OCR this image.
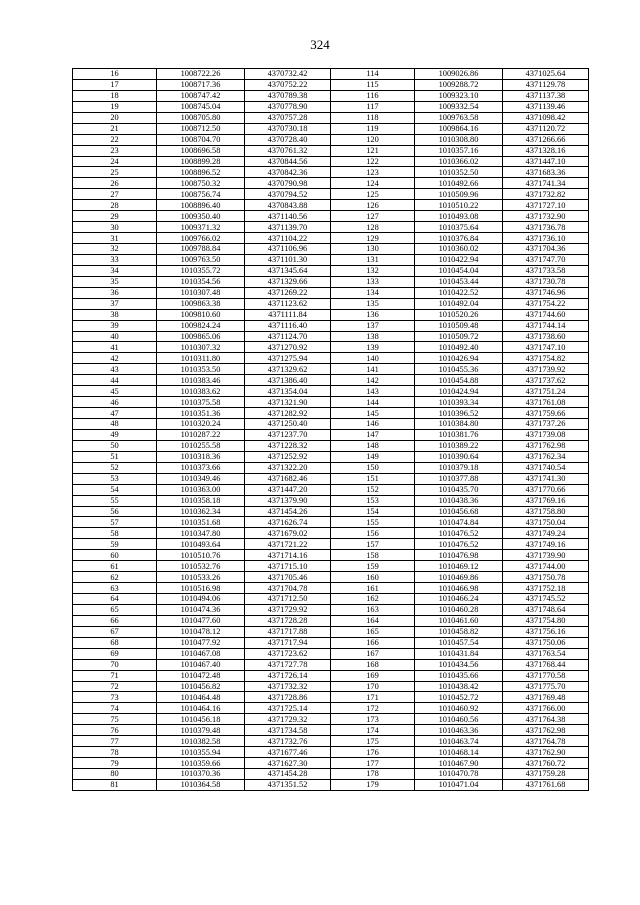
324
16	1008722.26	4370732.42	114	1009026.86	4371025.64
17	1008717.36	4370752.22	115	1009288.72	4371129.78
18	1008747.42	4370789.38	116	1009323.10	4371137.38
19	1008745.04	4370778.90	117	1009332.54	4371139.46
20	1008705.80	4370757.28	118	1009763.58	4371098.42
21	1008712.50	4370730.18	119	1009864.16	4371120.72
22	1008704.70	4370728.40	120	1010308.80	4371266.66
23	1008696.58	4370761.32	121	1010357.16	4371328.16
24	1008899.28	4370844.56	122	1010366.02	4371447.10
25	1008896.52	4370842.36	123	1010352.50	4371683.36
26	1008750.32	4370790.98	124	1010492.66	4371741.34
27	1008756.74	4370794.52	125	1010509.96	4371732.82
28	1008896.40	4370843.88	126	1010510.22	4371727.10
29	1009350.40	4371140.56	127	1010493.08	4371732.90
30	1009371.32	4371139.70	128	1010375.64	4371736.78
31	1009766.02	4371104.22	129	1010376.84	4371736.10
32	1009788.84	4371106.96	130	1010360.02	4371704.36
33	1009763.50	4371101.30	131	1010422.94	4371747.70
34	1010355.72	4371345.64	132	1010454.04	4371733.58
35	1010354.56	4371329.66	133	1010453.44	4371730.78
36	1010307.48	4371269.22	134	1010422.52	4371746.96
37	1009863.38	4371123.62	135	1010492.04	4371754.22
38	1009810.60	4371111.84	136	1010520.26	4371744.60
39	1009824.24	4371116.40	137	1010509.48	4371744.14
40	1009865.06	4371124.70	138	1010509.72	4371738.60
41	1010307.32	4371270.92	139	1010492.40	4371747.10
42	1010311.80	4371275.94	140	1010426.94	4371754.82
43	1010353.50	4371329.62	141	1010455.36	4371739.92
44	1010383.46	4371386.40	142	1010454.88	4371737.62
45	1010383.62	4371354.04	143	1010424.94	4371751.24
46	1010375.58	4371321.90	144	1010393.34	4371761.08
47	1010351.36	4371282.92	145	1010396.52	4371759.66
48	1010320.24	4371250.40	146	1010384.80	4371737.26
49	1010287.22	4371237.70	147	1010381.76	4371739.08
50	1010255.58	4371228.32	148	1010389.22	4371762.98
51	1010318.36	4371252.92	149	1010390.64	4371762.34
52	1010373.66	4371322.20	150	1010379.18	4371740.54
53	1010349.46	4371682.46	151	1010377.88	4371741.30
54	1010363.00	4371447.20	152	1010435.70	4371770.66
55	1010358.18	4371379.90	153	1010438.36	4371769.16
56	1010362.34	4371454.26	154	1010456.68	4371758.80
57	1010351.68	4371626.74	155	1010474.84	4371750.04
58	1010347.80	4371679.02	156	1010476.52	4371749.24
59	1010493.64	4371721.22	157	1010476.52	4371749.16
60	1010510.76	4371714.16	158	1010476.98	4371739.90
61	1010532.76	4371715.10	159	1010469.12	4371744.00
62	1010533.26	4371705.46	160	1010469.86	4371750.78
63	1010516.98	4371704.78	161	1010466.98	4371752.18
64	1010494.06	4371712.50	162	1010466.24	4371745.52
65	1010474.36	4371729.92	163	1010460.28	4371748.64
66	1010477.60	4371728.28	164	1010461.60	4371754.80
67	1010478.12	4371717.88	165	1010458.82	4371756.16
68	1010477.92	4371717.94	166	1010457.54	4371750.06
69	1010467.08	4371723.62	167	1010431.84	4371763.54
70	1010467.40	4371727.78	168	1010434.56	4371768.44
71	1010472.48	4371726.14	169	1010435.66	4371770.58
72	1010456.82	4371732.32	170	1010438.42	4371775.70
73	1010464.48	4371728.86	171	1010452.72	4371769.48
74	1010464.16	4371725.14	172	1010460.92	4371766.00
75	1010456.18	4371729.32	173	1010460.56	4371764.38
76	1010379.48	4371734.58	174	1010463.36	4371762.98
77	1010382.58	4371732.76	175	1010463.74	4371764.78
78	1010355.94	4371677.46	176	1010468.14	4371762.90
79	1010359.66	4371627.30	177	1010467.90	4371760.72
80	1010370.36	4371454.28	178	1010470.78	4371759.28
81	1010364.58	4371351.52	179	1010471.04	4371761.68
